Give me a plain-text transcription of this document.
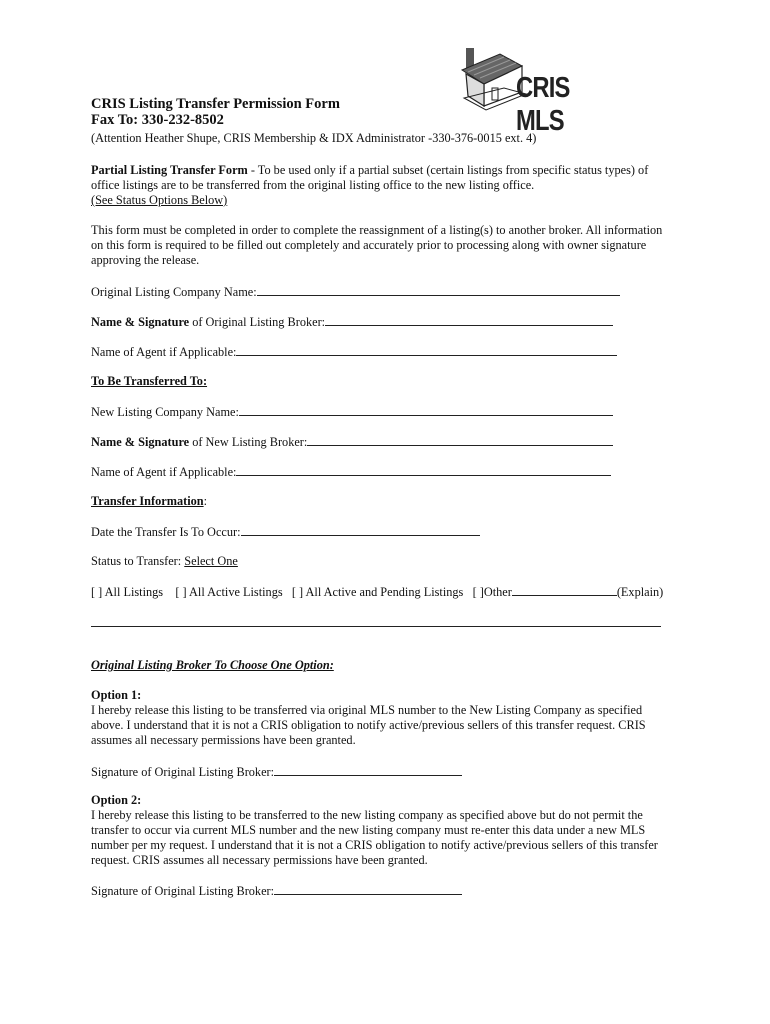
CRIS MLS
CRIS Listing Transfer Permission Form
Fax To: 330-232-8502
(Attention Heather Shupe, CRIS Membership & IDX Administrator -330-376-0015 ext. 4)
Partial Listing Transfer Form - To be used only if a partial subset (certain listings from specific status types) of
office listings are to be transferred from the original listing office to the new listing office.
(See Status Options Below)
This form must be completed in order to complete the reassignment of a listing(s) to another broker. All information
on this form is required to be filled out completely and accurately prior to processing along with owner signature
approving the release.
Original Listing Company Name:
Name & Signature of Original Listing Broker:
Name of Agent if Applicable:
To Be Transferred To:
New Listing Company Name:
Name & Signature of New Listing Broker:
Name of Agent if Applicable:
Transfer Information:
Date the Transfer Is To Occur:
Status to Transfer: Select One
[ ] All Listings [ ] All Active Listings [ ] All Active and Pending Listings [ ]Other	(Explain)
Original Listing Broker To Choose One Option:
Option 1:
I hereby release this listing to be transferred via original MLS number to the New Listing Company as specified
above. I understand that it is not a CRIS obligation to notify active/previous sellers of this transfer request. CRIS
assumes all necessary permissions have been granted.
Signature of Original Listing Broker:
Option 2:
I hereby release this listing to be transferred to the new listing company as specified above but do not permit the
transfer to occur via current MLS number and the new listing company must re-enter this data under a new MLS
number per my request. I understand that it is not a CRIS obligation to notify active/previous sellers of this transfer
request. CRIS assumes all necessary permissions have been granted.
Signature of Original Listing Broker:
